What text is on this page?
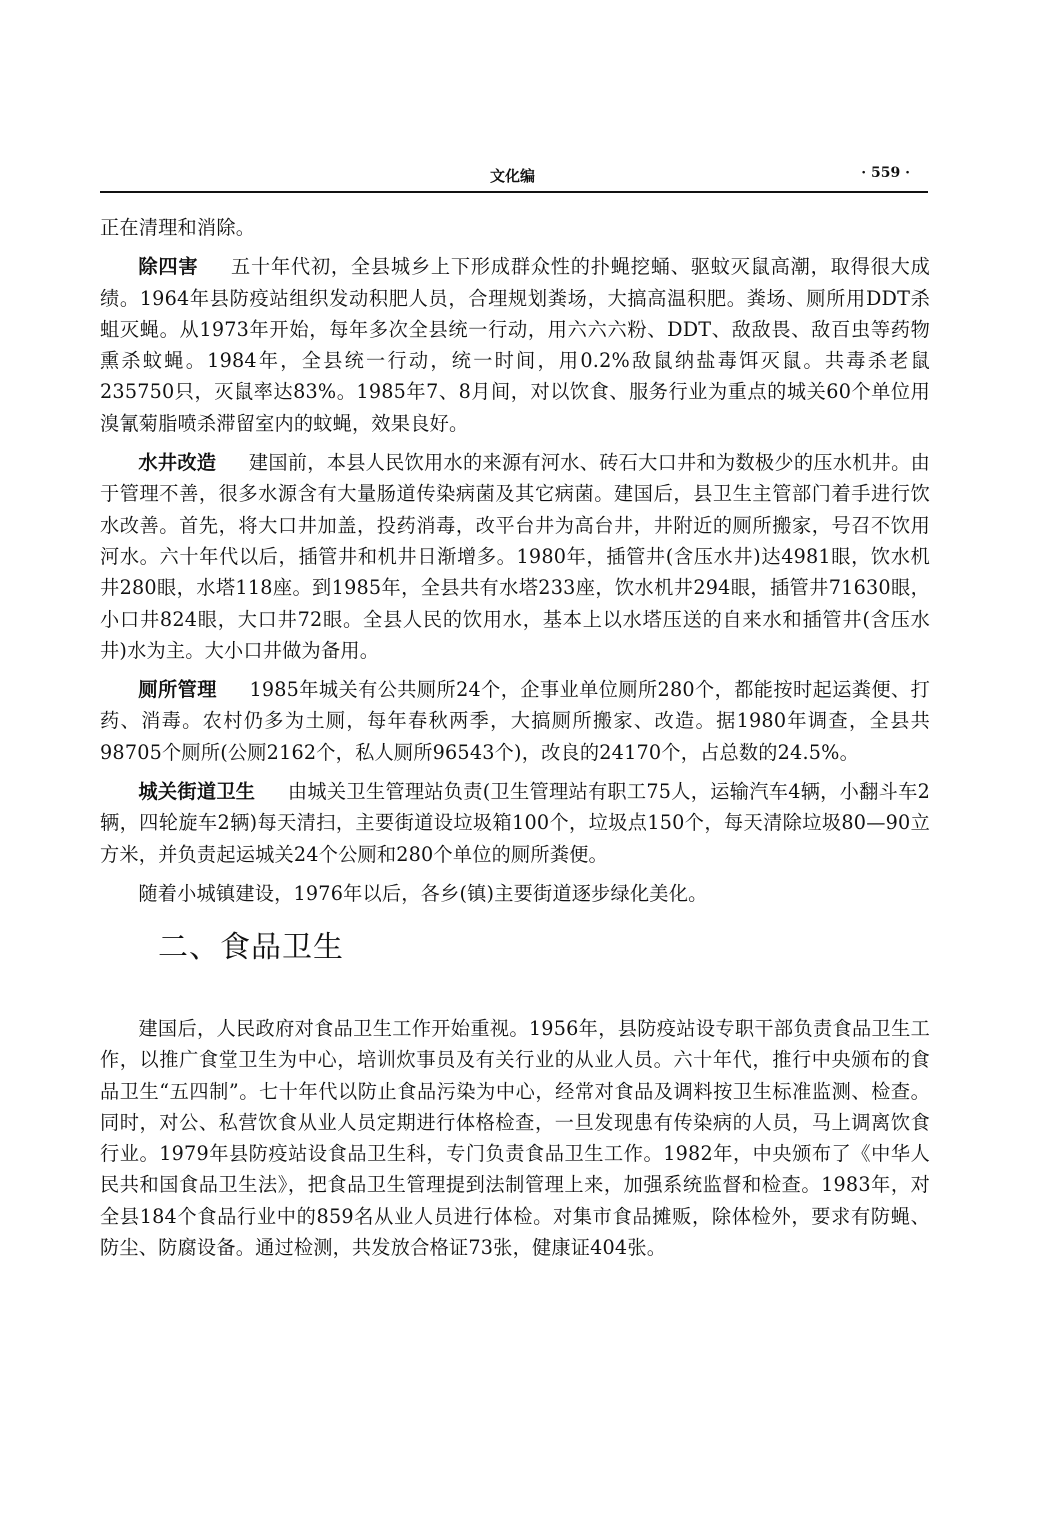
文化编	· 559 ·

正在清理和消除。

除四害 五十年代初，全县城乡上下形成群众性的扑蝇挖蛹、驱蚊灭鼠高潮，取得很大成绩。1964年县防疫站组织发动积肥人员，合理规划粪场，大搞高温积肥。粪场、厕所用DDT杀蛆灭蝇。从1973年开始，每年多次全县统一行动，用六六六粉、DDT、敌敌畏、敌百虫等药物熏杀蚊蝇。1984年，全县统一行动，统一时间，用0.2%敌鼠纳盐毒饵灭鼠。共毒杀老鼠235750只，灭鼠率达83%。1985年7、8月间，对以饮食、服务行业为重点的城关60个单位用溴氰菊脂喷杀滞留室内的蚊蝇，效果良好。

水井改造 建国前，本县人民饮用水的来源有河水、砖石大口井和为数极少的压水机井。由于管理不善，很多水源含有大量肠道传染病菌及其它病菌。建国后，县卫生主管部门着手进行饮水改善。首先，将大口井加盖，投药消毒，改平台井为高台井，井附近的厕所搬家，号召不饮用河水。六十年代以后，插管井和机井日渐增多。1980年，插管井(含压水井)达4981眼，饮水机井280眼，水塔118座。到1985年，全县共有水塔233座，饮水机井294眼，插管井71630眼，小口井824眼，大口井72眼。全县人民的饮用水，基本上以水塔压送的自来水和插管井(含压水井)水为主。大小口井做为备用。

厕所管理 1985年城关有公共厕所24个，企事业单位厕所280个，都能按时起运粪便、打药、消毒。农村仍多为土厕，每年春秋两季，大搞厕所搬家、改造。据1980年调查，全县共98705个厕所(公厕2162个，私人厕所96543个)，改良的24170个，占总数的24.5%。

城关街道卫生 由城关卫生管理站负责(卫生管理站有职工75人，运输汽车4辆，小翻斗车2辆，四轮旋车2辆)每天清扫，主要街道设垃圾箱100个，垃圾点150个，每天清除垃圾80—90立方米，并负责起运城关24个公厕和280个单位的厕所粪便。

随着小城镇建设，1976年以后，各乡(镇)主要街道逐步绿化美化。

二、食品卫生

建国后，人民政府对食品卫生工作开始重视。1956年，县防疫站设专职干部负责食品卫生工作，以推广食堂卫生为中心，培训炊事员及有关行业的从业人员。六十年代，推行中央颁布的食品卫生“五四制”。七十年代以防止食品污染为中心，经常对食品及调料按卫生标准监测、检查。同时，对公、私营饮食从业人员定期进行体格检查，一旦发现患有传染病的人员，马上调离饮食行业。1979年县防疫站设食品卫生科，专门负责食品卫生工作。1982年，中央颁布了《中华人民共和国食品卫生法》，把食品卫生管理提到法制管理上来，加强系统监督和检查。1983年，对全县184个食品行业中的859名从业人员进行体检。对集市食品摊贩，除体检外，要求有防蝇、防尘、防腐设备。通过检测，共发放合格证73张，健康证404张。
